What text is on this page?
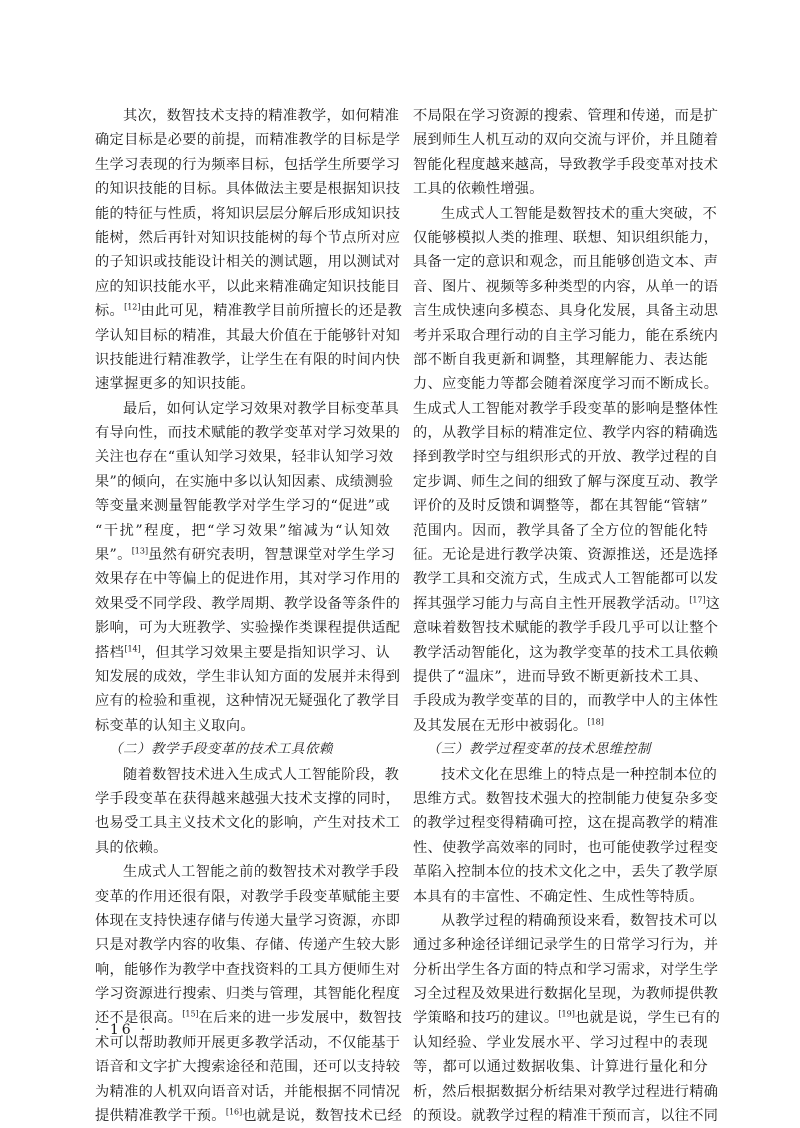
其次，数智技术支持的精准教学，如何精准
确定目标是必要的前提，而精准教学的目标是学
生学习表现的行为频率目标，包括学生所要学习
的知识技能的目标。具体做法主要是根据知识技
能的特征与性质，将知识层层分解后形成知识技
能树，然后再针对知识技能树的每个节点所对应
的子知识或技能设计相关的测试题，用以测试对
应的知识技能水平，以此来精准确定知识技能目
标。[12]由此可见，精准教学目前所擅长的还是教
学认知目标的精准，其最大价值在于能够针对知
识技能进行精准教学，让学生在有限的时间内快
速掌握更多的知识技能。
最后，如何认定学习效果对教学目标变革具
有导向性，而技术赋能的教学变革对学习效果的
关注也存在“重认知学习效果，轻非认知学习效
果”的倾向，在实施中多以认知因素、成绩测验
等变量来测量智能教学对学生学习的“促进”或
“干扰”程度，把“学习效果”缩减为“认知效
果”。[13]虽然有研究表明，智慧课堂对学生学习
效果存在中等偏上的促进作用，其对学习作用的
效果受不同学段、教学周期、教学设备等条件的
影响，可为大班教学、实验操作类课程提供适配
搭档[14]，但其学习效果主要是指知识学习、认
知发展的成效，学生非认知方面的发展并未得到
应有的检验和重视，这种情况无疑强化了教学目
标变革的认知主义取向。
（二）教学手段变革的技术工具依赖
随着数智技术进入生成式人工智能阶段，教
学手段变革在获得越来越强大技术支撑的同时，
也易受工具主义技术文化的影响，产生对技术工
具的依赖。
生成式人工智能之前的数智技术对教学手段
变革的作用还很有限，对教学手段变革赋能主要
体现在支持快速存储与传递大量学习资源，亦即
只是对教学内容的收集、存储、传递产生较大影
响，能够作为教学中查找资料的工具方便师生对
学习资源进行搜索、归类与管理，其智能化程度
还不是很高。[15]在后来的进一步发展中，数智技
术可以帮助教师开展更多教学活动，不仅能基于
语音和文字扩大搜索途径和范围，还可以支持较
为精准的人机双向语音对话，并能根据不同情况
提供精准教学干预。[16]也就是说，数智技术已经
不局限在学习资源的搜索、管理和传递，而是扩
展到师生人机互动的双向交流与评价，并且随着
智能化程度越来越高，导致教学手段变革对技术
工具的依赖性增强。
生成式人工智能是数智技术的重大突破，不
仅能够模拟人类的推理、联想、知识组织能力，
具备一定的意识和观念，而且能够创造文本、声
音、图片、视频等多种类型的内容，从单一的语
言生成快速向多模态、具身化发展，具备主动思
考并采取合理行动的自主学习能力，能在系统内
部不断自我更新和调整，其理解能力、表达能
力、应变能力等都会随着深度学习而不断成长。
生成式人工智能对教学手段变革的影响是整体性
的，从教学目标的精准定位、教学内容的精确选
择到教学时空与组织形式的开放、教学过程的自
定步调、师生之间的细致了解与深度互动、教学
评价的及时反馈和调整等，都在其智能“管辖”
范围内。因而，教学具备了全方位的智能化特
征。无论是进行教学决策、资源推送，还是选择
教学工具和交流方式，生成式人工智能都可以发
挥其强学习能力与高自主性开展教学活动。[17]这
意味着数智技术赋能的教学手段几乎可以让整个
教学活动智能化，这为教学变革的技术工具依赖
提供了“温床”，进而导致不断更新技术工具、
手段成为教学变革的目的，而教学中人的主体性
及其发展在无形中被弱化。[18]
（三）教学过程变革的技术思维控制
技术文化在思维上的特点是一种控制本位的
思维方式。数智技术强大的控制能力使复杂多变
的教学过程变得精确可控，这在提高教学的精准
性、使教学高效率的同时，也可能使教学过程变
革陷入控制本位的技术文化之中，丢失了教学原
本具有的丰富性、不确定性、生成性等特质。
从教学过程的精确预设来看，数智技术可以
通过多种途径详细记录学生的日常学习行为，并
分析出学生各方面的特点和学习需求，对学生学
习全过程及效果进行数据化呈现，为教师提供教
学策略和技巧的建议。[19]也就是说，学生已有的
认知经验、学业发展水平、学习过程中的表现
等，都可以通过数据收集、计算进行量化和分
析，然后根据数据分析结果对教学过程进行精确
的预设。就教学过程的精准干预而言，以往不同
· 16 ·
